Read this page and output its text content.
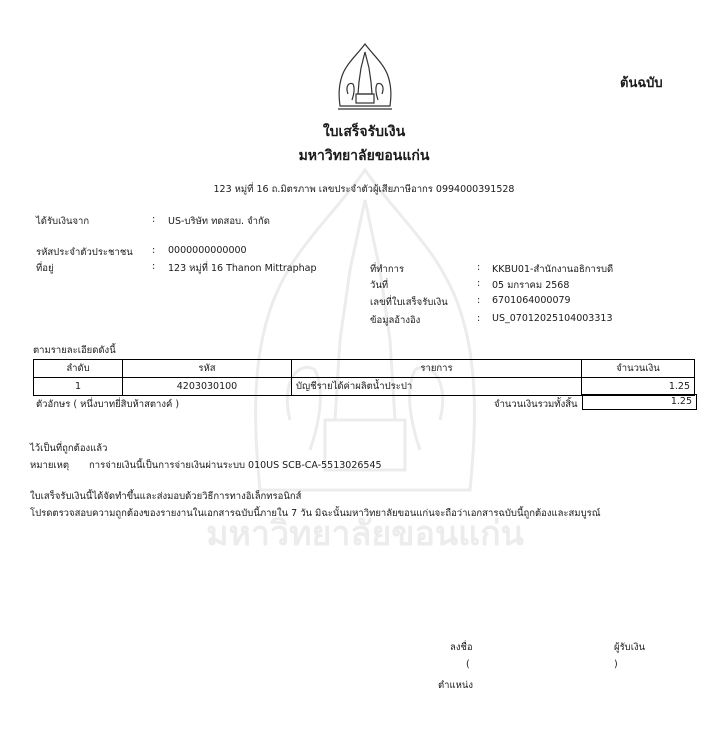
มหาวิทยาลัยขอนแก่น
ต้นฉบับ
ใบเสร็จรับเงิน
มหาวิทยาลัยขอนแก่น
123 หมู่ที่ 16 ถ.มิตรภาพ เลขประจำตัวผู้เสียภาษีอากร 0994000391528
ได้รับเงินจาก	: US-บริษัท ทดสอบ. จำกัด
รหัสประจำตัวประชาชน : 0000000000000
ที่อยู่	: 123 หมู่ที่ 16 Thanon Mittraphap	ที่ทำการ	: KKBU01-สำนักงานอธิการบดี
วันที่	: 05 มกราคม 2568
เลขที่ใบเสร็จรับเงิน	: 6701064000079
ข้อมูลอ้างอิง	: US_07012025104003313
ตามรายละเอียดดังนี้
ลำดับ	รหัส	รายการ	จำนวนเงิน
1	4203030100	บัญชีรายได้ค่าผลิตน้ำประปา	1.25
ตัวอักษร ( หนึ่งบาทยี่สิบห้าสตางค์ )	จำนวนเงินรวมทั้งสิ้น	1.25
ไว้เป็นที่ถูกต้องแล้ว
หมายเหตุ การจ่ายเงินนี้เป็นการจ่ายเงินผ่านระบบ 010US SCB-CA-5513026545
ใบเสร็จรับเงินนี้ได้จัดทำขึ้นและส่งมอบด้วยวิธีการทางอิเล็กทรอนิกส์
โปรดตรวจสอบความถูกต้องของรายงานในเอกสารฉบับนี้ภายใน 7 วัน มิฉะนั้นมหาวิทยาลัยขอนแก่นจะถือว่าเอกสารฉบับนี้ถูกต้องและสมบูรณ์
ลงชื่อ	ผู้รับเงิน
(	)
ตำแหน่ง
